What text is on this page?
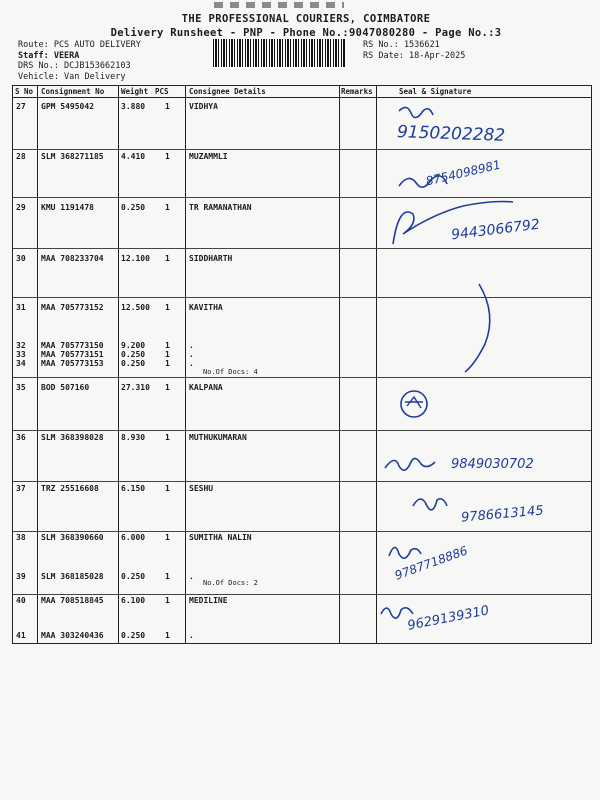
THE PROFESSIONAL COURIERS, COIMBATORE
Delivery Runsheet - PNP - Phone No.:9047080280 - Page No.:3
Route: PCS AUTO DELIVERY
Staff: VEERA
DRS No.: DCJB153662103
Vehicle: Van Delivery
RS No.: 1536621
RS Date: 18-Apr-2025
S No Consignment No Weight PCS	Consignee Details	Remarks	Seal & Signature
No.Of Docs: 4
No.Of Docs: 2
27 GPM 5495042	3.880 1 VIDHYA
28 SLM 368271185 4.410 1 MUZAMMLI
29 KMU 1191478	0.250 1 TR RAMANATHAN
30 MAA 708233704 12.100 1 SIDDHARTH
31 MAA 705773152 12.500 1 KAVITHA
32 MAA 705773150 9.200 1 .
33 MAA 705773151 0.250 1 .
34 MAA 705773153 0.250 1 .
35 BOD 507160	27.310 1 KALPANA
36 SLM 368398028 8.930 1 MUTHUKUMARAN
37 TRZ 25516608	6.150 1 SESHU
38 SLM 368390660 6.000 1 SUMITHA NALIN
39 SLM 368185028 0.250 1 .
40 MAA 708518845 6.100 1 MEDILINE
41 MAA 303240436 0.250 1 .
9150202282
8754098981
9443066792
9849030702
9786613145
9787718886
9629139310
